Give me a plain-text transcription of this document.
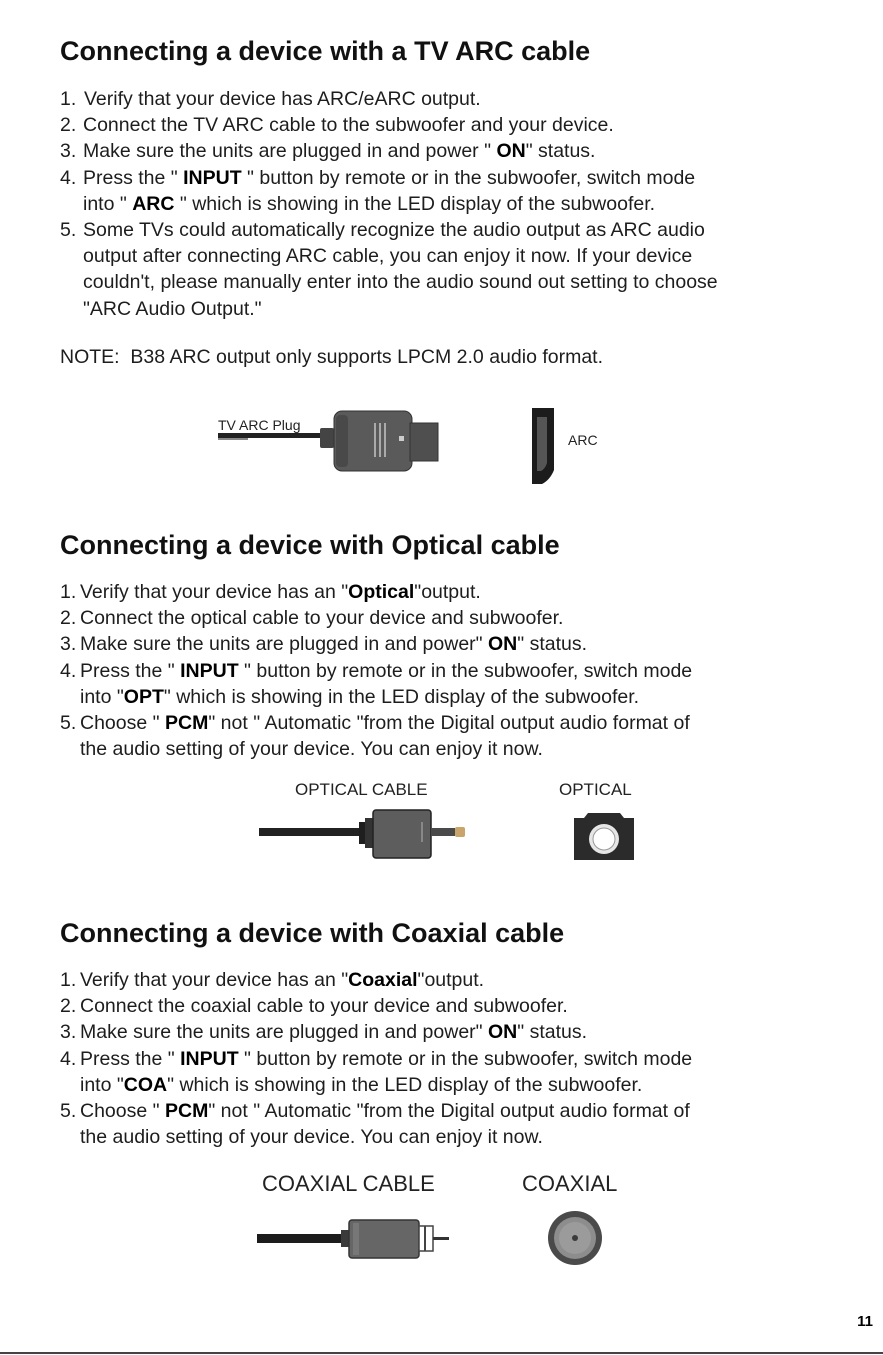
Connecting a device with a TV ARC cable
1. Verify that your device has ARC/eARC output.
2. Connect the TV ARC cable to the subwoofer and your device.
3. Make sure the units are plugged in and power " ON" status.
4. Press the " INPUT " button by remote or in the subwoofer, switch mode
into " ARC " which is showing in the LED display of the subwoofer.
5. Some TVs could automatically recognize the audio output as ARC audio
output after connecting ARC cable, you can enjoy it now. If your device
couldn't, please manually enter into the audio sound out setting to choose
"ARC Audio Output."

NOTE:  B38 ARC output only supports LPCM 2.0 audio format.

TV ARC Plug
ARC
Connecting a device with Optical cable
1. Verify that your device has an "Optical"output.
2. Connect the optical cable to your device and subwoofer.
3. Make sure the units are plugged in and power" ON" status.
4. Press the " INPUT " button by remote or in the subwoofer, switch mode
into "OPT" which is showing in the LED display of the subwoofer.
5. Choose " PCM" not " Automatic "from the Digital output audio format of
the audio setting of your device. You can enjoy it now.
OPTICAL CABLE	OPTICAL
Connecting a device with Coaxial cable
1. Verify that your device has an "Coaxial"output.
2. Connect the coaxial cable to your device and subwoofer.
3. Make sure the units are plugged in and power" ON" status.
4. Press the " INPUT " button by remote or in the subwoofer, switch mode
into "COA" which is showing in the LED display of the subwoofer.
5. Choose " PCM" not " Automatic "from the Digital output audio format of
the audio setting of your device. You can enjoy it now.
COAXIAL CABLE	COAXIAL
11
